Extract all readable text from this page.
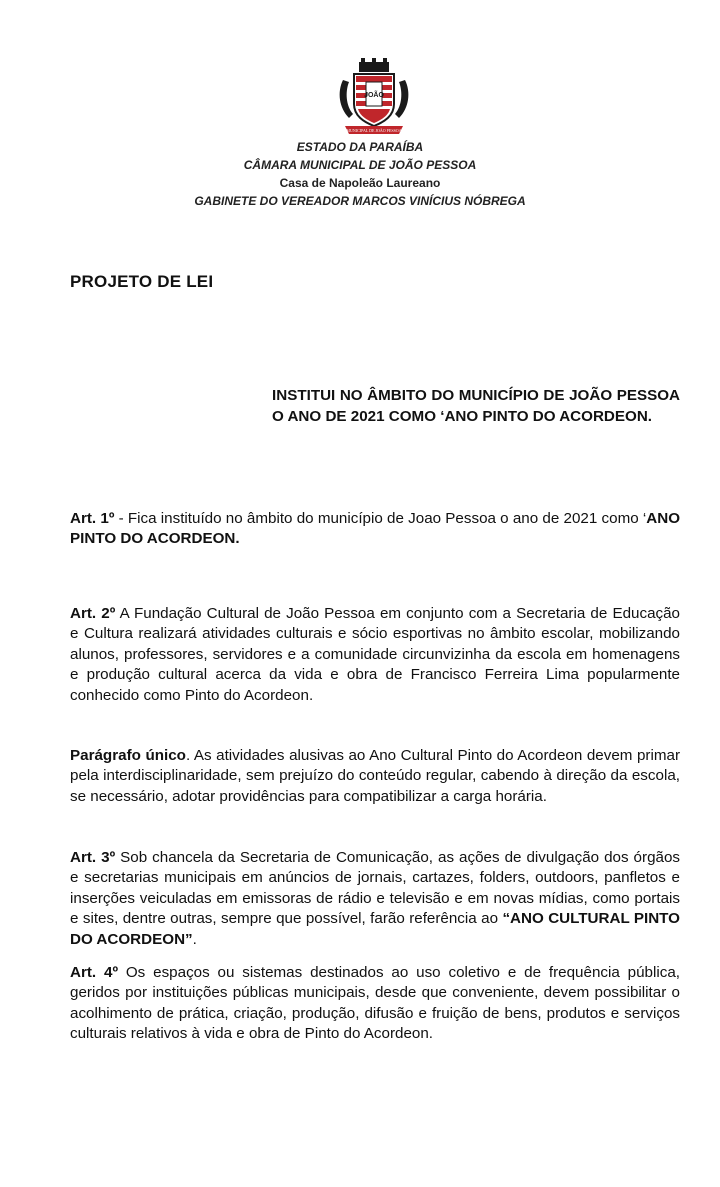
JOÃO
MUNICIPAL DE JOÃO PESSOA
ESTADO DA PARAÍBA
CÂMARA MUNICIPAL DE JOÃO PESSOA
Casa de Napoleão Laureano
GABINETE DO VEREADOR MARCOS VINÍCIUS NÓBREGA
PROJETO DE LEI
INSTITUI NO ÂMBITO DO MUNICÍPIO DE JOÃO PESSOA O ANO DE 2021 COMO ‘ANO PINTO DO ACORDEON.
Art. 1º - Fica instituído no âmbito do município de Joao Pessoa o ano de 2021 como ‘ANO PINTO DO ACORDEON.
Art. 2º A Fundação Cultural de João Pessoa em conjunto com a Secretaria de Educação e Cultura realizará atividades culturais e sócio esportivas no âmbito escolar, mobilizando alunos, professores, servidores e a comunidade circunvizinha da escola em homenagens e produção cultural acerca da vida e obra de Francisco Ferreira Lima popularmente conhecido como Pinto do Acordeon.
Parágrafo único. As atividades alusivas ao Ano Cultural Pinto do Acordeon devem primar pela interdisciplinaridade, sem prejuízo do conteúdo regular, cabendo à direção da escola, se necessário, adotar providências para compatibilizar a carga horária.
Art. 3º Sob chancela da Secretaria de Comunicação, as ações de divulgação dos órgãos e secretarias municipais em anúncios de jornais, cartazes, folders, outdoors, panfletos e inserções veiculadas em emissoras de rádio e televisão e em novas mídias, como portais e sites, dentre outras, sempre que possível, farão referência ao “ANO CULTURAL PINTO DO ACORDEON”.
Art. 4º Os espaços ou sistemas destinados ao uso coletivo e de frequência pública, geridos por instituições públicas municipais, desde que conveniente, devem possibilitar o acolhimento de prática, criação, produção, difusão e fruição de bens, produtos e serviços culturais relativos à vida e obra de Pinto do Acordeon.
